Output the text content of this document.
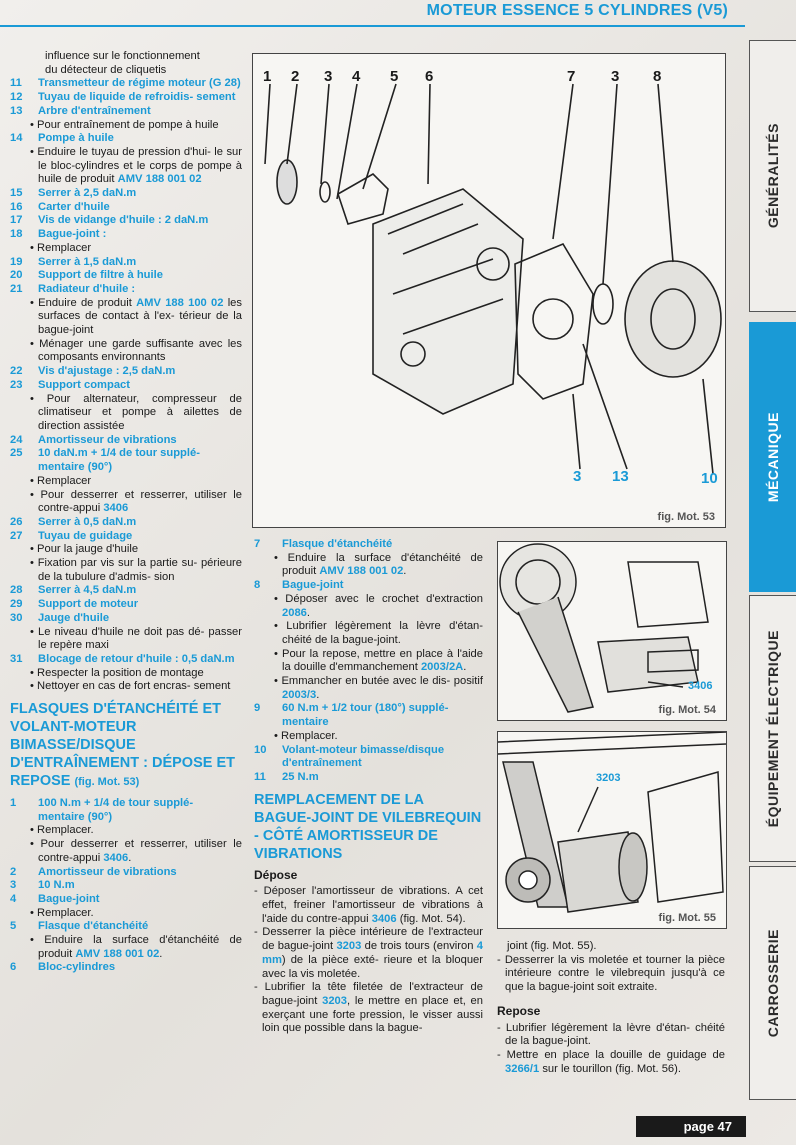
MOTEUR ESSENCE 5 CYLINDRES (V5)
GÉNÉRALITÉS
MÉCANIQUE
ÉQUIPEMENT ÉLECTRIQUE
CARROSSERIE
influence sur le fonctionnement
du détecteur de cliquetis
11	Transmetteur de régime moteur (G 28)
12	Tuyau de liquide de refroidis- sement
13	Arbre d'entraînement
• Pour entraînement de pompe à huile
14	Pompe à huile
• Enduire le tuyau de pression d'hui- le sur le bloc-cylindres et le corps de pompe à huile de produit AMV 188 001 02
15	Serrer à 2,5 daN.m
16	Carter d'huile
17	Vis de vidange d'huile : 2 daN.m
18	Bague-joint :
• Remplacer
19	Serrer à 1,5 daN.m
20	Support de filtre à huile
21	Radiateur d'huile :
• Enduire de produit AMV 188 100 02 les surfaces de contact à l'ex- térieur de la bague-joint
• Ménager une garde suffisante avec les composants environnants
22	Vis d'ajustage : 2,5 daN.m
23	Support compact
• Pour alternateur, compresseur de climatiseur et pompe à ailettes de direction assistée
24	Amortisseur de vibrations
25	10 daN.m + 1/4 de tour supplé- mentaire (90°)
• Remplacer
• Pour desserrer et resserrer, utiliser le contre-appui 3406
26	Serrer à 0,5 daN.m
27	Tuyau de guidage
• Pour la jauge d'huile
• Fixation par vis sur la partie su- périeure de la tubulure d'admis- sion
28	Serrer à 4,5 daN.m
29	Support de moteur
30	Jauge d'huile
• Le niveau d'huile ne doit pas dé- passer le repère maxi
31	Blocage de retour d'huile : 0,5 daN.m
• Respecter la position de montage
• Nettoyer en cas de fort encras- sement
FLASQUES D'ÉTANCHÉITÉ ET VOLANT-MOTEUR BIMASSE/DISQUE D'ENTRAÎNEMENT : DÉPOSE ET REPOSE (fig. Mot. 53)
1	100 N.m + 1/4 de tour supplé- mentaire (90°)
• Remplacer.
• Pour desserrer et resserrer, utiliser le contre-appui 3406.
2	Amortisseur de vibrations
3	10 N.m
4	Bague-joint
• Remplacer.
5	Flasque d'étanchéité
• Enduire la surface d'étanchéité de produit AMV 188 001 02.
6	Bloc-cylindres
1 2 3 4 5 6	7 3 8
3 13	10
fig. Mot. 53
7	Flasque d'étanchéité
• Enduire la surface d'étanchéité de produit AMV 188 001 02.
8	Bague-joint
• Déposer avec le crochet d'extraction 2086.
• Lubrifier légèrement la lèvre d'étan- chéité de la bague-joint.
• Pour la repose, mettre en place à l'aide la douille d'emmanchement 2003/2A.
• Emmancher en butée avec le dis- positif 2003/3.
9	60 N.m + 1/2 tour (180°) supplé- mentaire
• Remplacer.
10	Volant-moteur bimasse/disque d'entraînement
11	25 N.m
REMPLACEMENT DE LA BAGUE-JOINT DE VILEBREQUIN - CÔTÉ AMORTISSEUR DE VIBRATIONS
Dépose
- Déposer l'amortisseur de vibrations. A cet effet, freiner l'amortisseur de vibrations à l'aide du contre-appui 3406 (fig. Mot. 54).
- Desserrer la pièce intérieure de l'extracteur de bague-joint 3203 de trois tours (environ 4 mm) de la pièce exté- rieure et la bloquer avec la vis moletée.
- Lubrifier la tête filetée de l'extracteur de bague-joint 3203, le mettre en place et, en exerçant une forte pression, le visser aussi loin que possible dans la bague-
3406
fig. Mot. 54
3203
fig. Mot. 55
joint (fig. Mot. 55).
- Desserrer la vis moletée et tourner la pièce intérieure contre le vilebrequin jusqu'à ce que la bague-joint soit extraite.
Repose
- Lubrifier légèrement la lèvre d'étan- chéité de la bague-joint.
- Mettre en place la douille de guidage de 3266/1 sur le tourillon (fig. Mot. 56).
page 47
